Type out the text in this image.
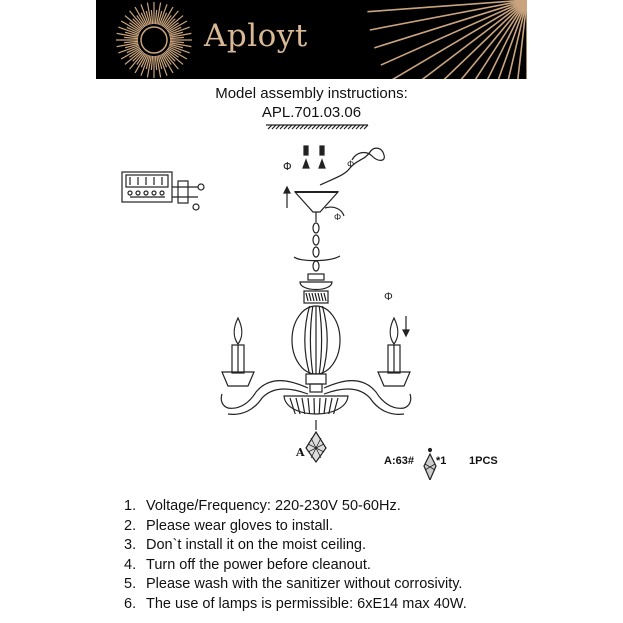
Aployt
Model assembly instructions:
APL.701.03.06
Φ	Φ
Φ
Φ
A
A:63# *1 1PCS
1. Voltage/Frequency: 220-230V 50-60Hz.
2. Please wear gloves to install.
3. Don`t install it on the moist ceiling.
4. Turn off the power before cleanout.
5. Please wash with the sanitizer without corrosivity.
6. The use of lamps is permissible: 6xE14 max 40W.
